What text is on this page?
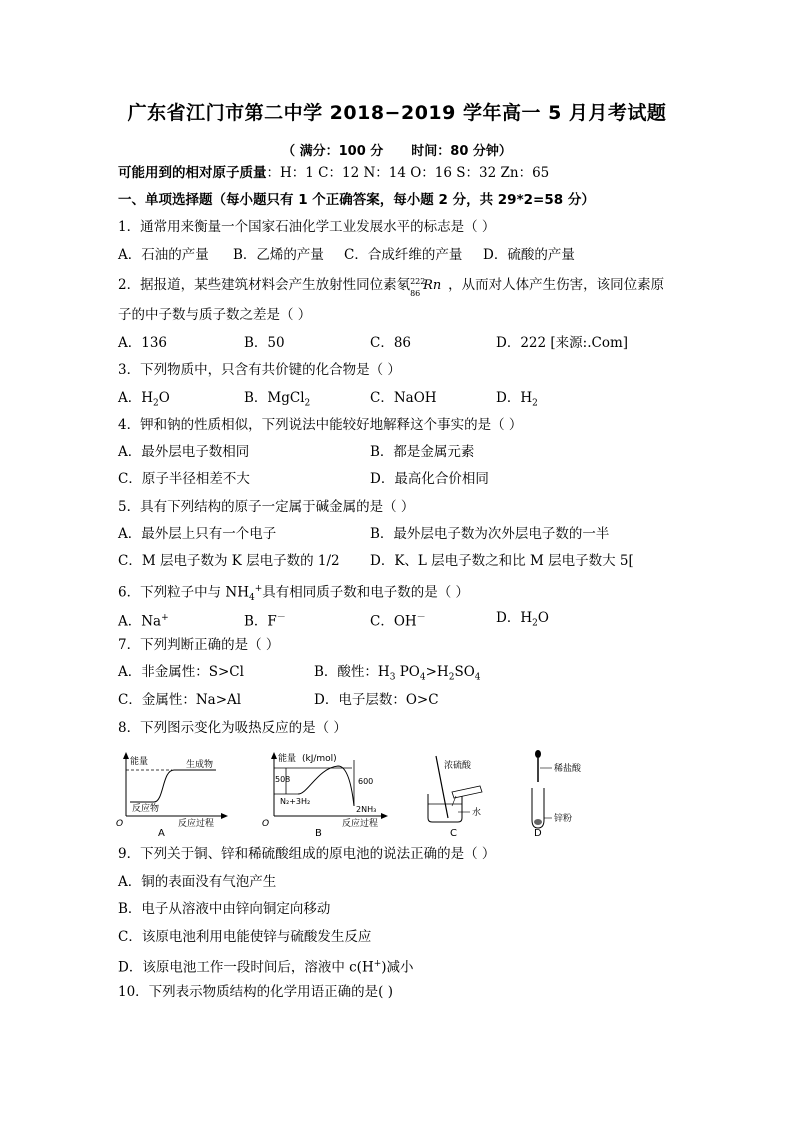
广东省江门市第二中学 2018−2019 学年高一 5 月月考试题
（ 满分：100 分 时间：80 分钟）
可能用到的相对原子质量：H：1 C：12 N：14 O：16 S：32 Zn：65
一、单项选择题（每小题只有 1 个正确答案，每小题 2 分，共 29*2=58 分）
1．通常用来衡量一个国家石油化学工业发展水平的标志是（ ）
A．石油的产量 B．乙烯的产量 C．合成纤维的产量 D．硫酸的产量
2．据报道，某些建筑材料会产生放射性同位素氡 222
86
Rn ，从而对人体产生伤害，该同位素原
子的中子数与质子数之差是（ ）
A．136	B．50	C．86	D．222 [来源:.Com]
3．下列物质中，只含有共价键的化合物是（ ）
A．$H_2O$	B．MgCl$_2$	C．NaOH	D．$H_2$
4．钾和钠的性质相似，下列说法中能较好地解释这个事实的是（ ）
A．最外层电子数相同	B．都是金属元素
C．原子半径相差不大	D．最高化合价相同
5．具有下列结构的原子一定属于碱金属的是（ ）
A．最外层上只有一个电子	B．最外层电子数为次外层电子数的一半
C．M 层电子数为 K 层电子数的 1/2 D．K、L 层电子数之和比 M 层电子数大 5[
6．下列粒子中与 $NH_4^+$具有相同质子数和电子数的是（ ）
A．Na+	B．F－	C．OH－	D．$H_2O$
7．下列判断正确的是（ ）
A．非金属性：S>Cl	B．酸性：$H_3$ $PO_4>H_2SO_4$
C．金属性：Na>Al	D．电子层数：O>C
8．下列图示变化为吸热反应的是（ ）
能量	生成物
反应物
O	反应过程
A
能量 (kJ/mol)
508	600
N₂+3H₂
2NH₃
O	反应过程
B
浓硫酸
水
C
稀盐酸
锌粉
D
9．下列关于铜、锌和稀硫酸组成的原电池的说法正确的是（ ）
A．铜的表面没有气泡产生
B．电子从溶液中由锌向铜定向移动
C．该原电池利用电能使锌与硫酸发生反应
D．该原电池工作一段时间后，溶液中 c(H+)减小
10．下列表示物质结构的化学用语正确的是( )
